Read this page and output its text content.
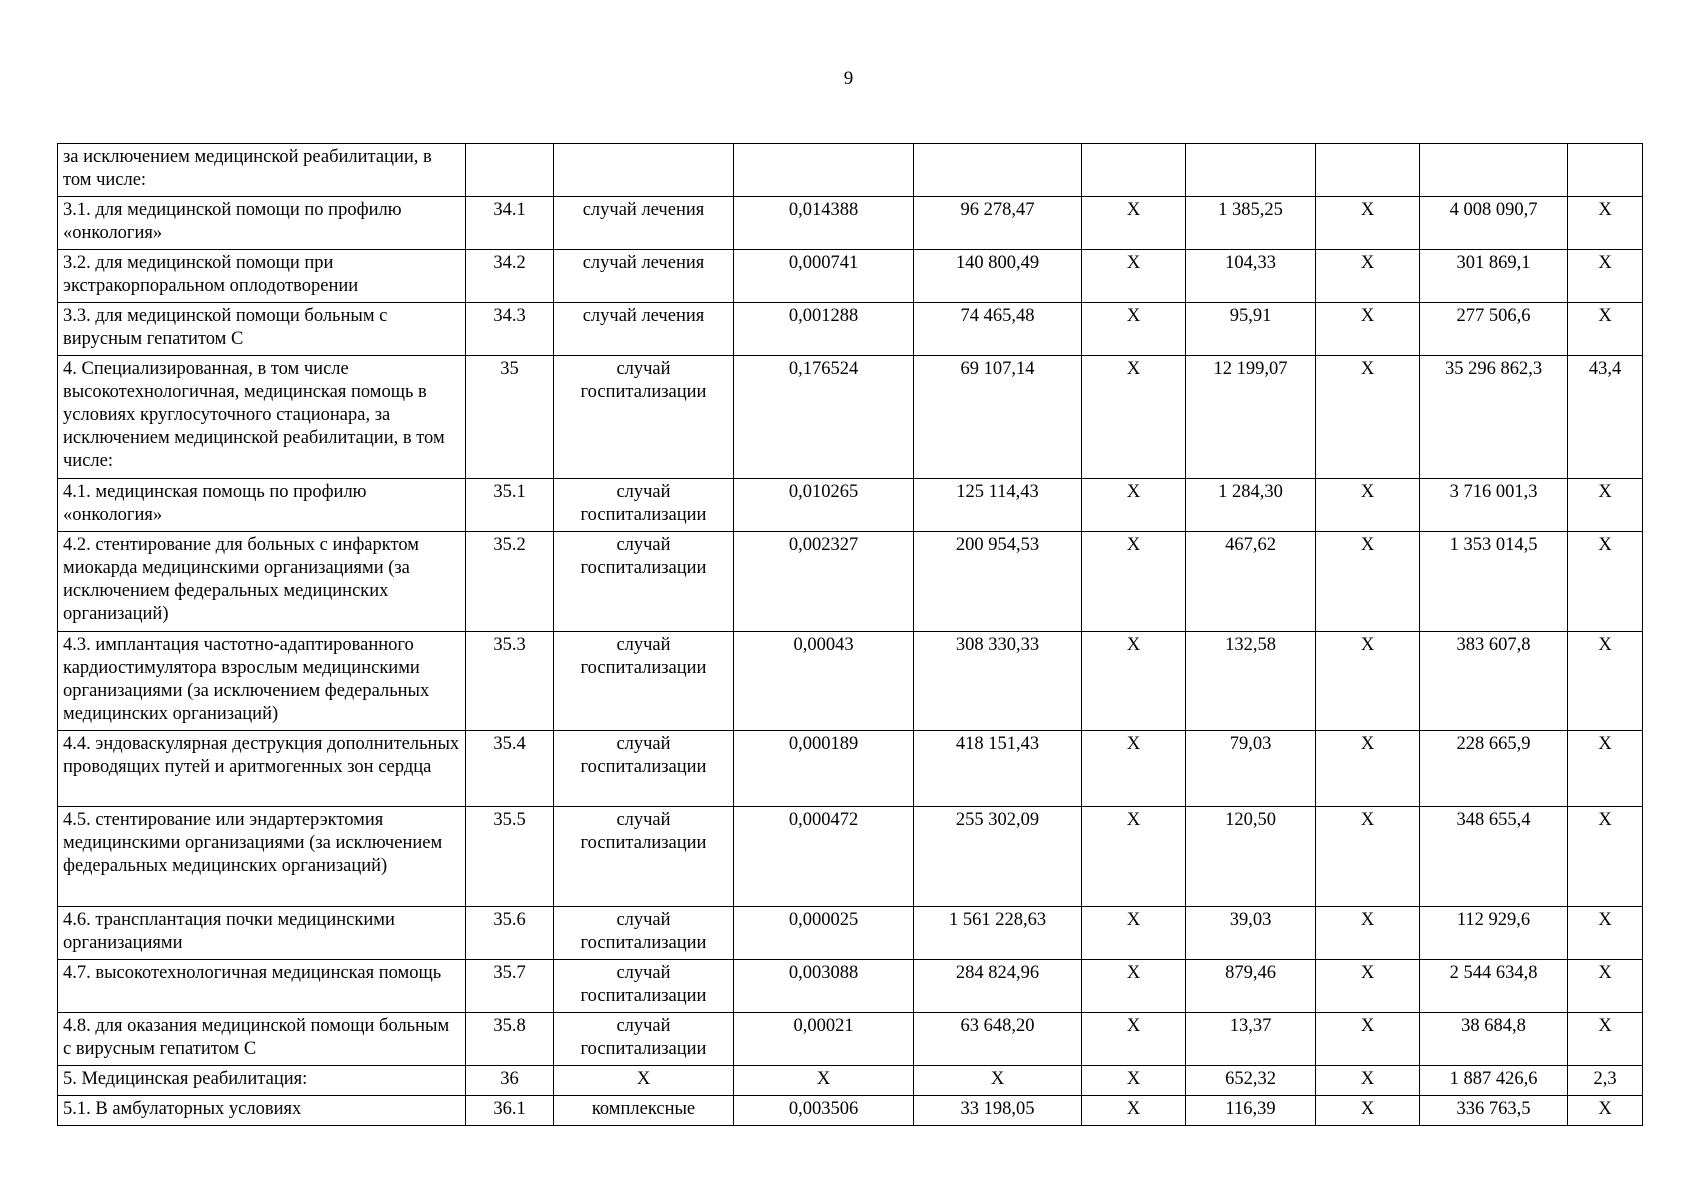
9
за исключением медицинской реабилитации, в том числе:									
3.1. для медицинской помощи по профилю «онкология»	34.1	случай лечения	0,014388	96 278,47	X	1 385,25	X	4 008 090,7	X
3.2. для медицинской помощи при экстракорпоральном оплодотворении	34.2	случай лечения	0,000741	140 800,49	X	104,33	X	301 869,1	X
3.3. для медицинской помощи больным с вирусным гепатитом С	34.3	случай лечения	0,001288	74 465,48	X	95,91	X	277 506,6	X
4. Специализированная, в том числе высокотехнологичная, медицинская помощь в условиях круглосуточного стационара, за исключением медицинской реабилитации, в том числе:	35	случай госпитализации	0,176524	69 107,14	X	12 199,07	X	35 296 862,3	43,4
4.1. медицинская помощь по профилю «онкология»	35.1	случай госпитализации	0,010265	125 114,43	X	1 284,30	X	3 716 001,3	X
4.2. стентирование для больных с инфарктом миокарда медицинскими организациями (за исключением федеральных медицинских организаций)	35.2	случай госпитализации	0,002327	200 954,53	X	467,62	X	1 353 014,5	X
4.3. имплантация частотно-адаптированного кардиостимулятора взрослым медицинскими организациями (за исключением федеральных медицинских организаций)	35.3	случай госпитализации	0,00043	308 330,33	X	132,58	X	383 607,8	X
4.4. эндоваскулярная деструкция дополнительных проводящих путей и аритмогенных зон сердца	35.4	случай госпитализации	0,000189	418 151,43	X	79,03	X	228 665,9	X
4.5. стентирование или эндартерэктомия медицинскими организациями (за исключением федеральных медицинских организаций)	35.5	случай госпитализации	0,000472	255 302,09	X	120,50	X	348 655,4	X
4.6. трансплантация почки медицинскими организациями	35.6	случай госпитализации	0,000025	1 561 228,63	X	39,03	X	112 929,6	X
4.7. высокотехнологичная медицинская помощь	35.7	случай госпитализации	0,003088	284 824,96	X	879,46	X	2 544 634,8	X
4.8. для оказания медицинской помощи больным с вирусным гепатитом С	35.8	случай госпитализации	0,00021	63 648,20	X	13,37	X	38 684,8	X
5. Медицинская реабилитация:	36	X	X	X	X	652,32	X	1 887 426,6	2,3
5.1. В амбулаторных условиях	36.1	комплексные	0,003506	33 198,05	X	116,39	X	336 763,5	X
